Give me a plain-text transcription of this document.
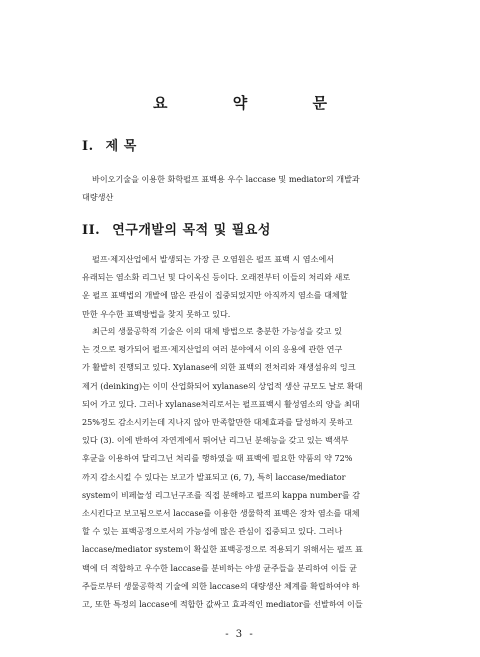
요 약 문
I. 제 목
바이오기술을 이용한 화학펄프 표백용 우수 laccase 및 mediator의 개발과
대량생산
II. 연구개발의 목적 및 필요성
펄프·제지산업에서 발생되는 가장 큰 오염원은 펄프 표백 시 염소에서
유래되는 염소화 리그닌 및 다이옥신 등이다. 오래전부터 이들의 처리와 새로
운 펄프 표백법의 개발에 많은 관심이 집중되었지만 아직까지 염소를 대체할
만한 우수한 표백방법을 찾지 못하고 있다.
최근의 생물공학적 기술은 이의 대체 방법으로 충분한 가능성을 갖고 있
는 것으로 평가되어 펄프·제지산업의 여러 분야에서 이의 응용에 관한 연구
가 활발히 진행되고 있다. Xylanase에 의한 표백의 전처리와 재생섬유의 잉크
제거 (deinking)는 이미 산업화되어 xylanase의 상업적 생산 규모도 날로 확대
되어 가고 있다. 그러나 xylanase처리로서는 펄프표백시 활성염소의 양을 최대
25%정도 감소시키는데 지나지 않아 만족할만한 대체효과를 달성하지 못하고
있다 (3). 이에 반하여 자연계에서 뛰어난 리그닌 분해능을 갖고 있는 백색부
후균을 이용하여 달리그닌 처리를 행하였을 때 표백에 필요한 약품의 약 72%
까지 감소시킬 수 있다는 보고가 발표되고 (6, 7), 특히 laccase/mediator
system이 비페놀성 리그닌구조를 직접 분해하고 펄프의 kappa number를 감
소시킨다고 보고됨으로서 laccase를 이용한 생물학적 표백은 장차 염소를 대체
할 수 있는 표백공정으로서의 가능성에 많은 관심이 집중되고 있다. 그러나
laccase/mediator system이 확실한 표백공정으로 적용되기 위해서는 펄프 표
백에 더 적합하고 우수한 laccase를 분비하는 야생 균주들을 분리하여 이들 균
주들로부터 생물공학적 기술에 의한 laccase의 대량생산 체계를 확립하여야 하
고, 또한 특정의 laccase에 적합한 값싸고 효과적인 mediator를 선발하여 이들
- 3 -
